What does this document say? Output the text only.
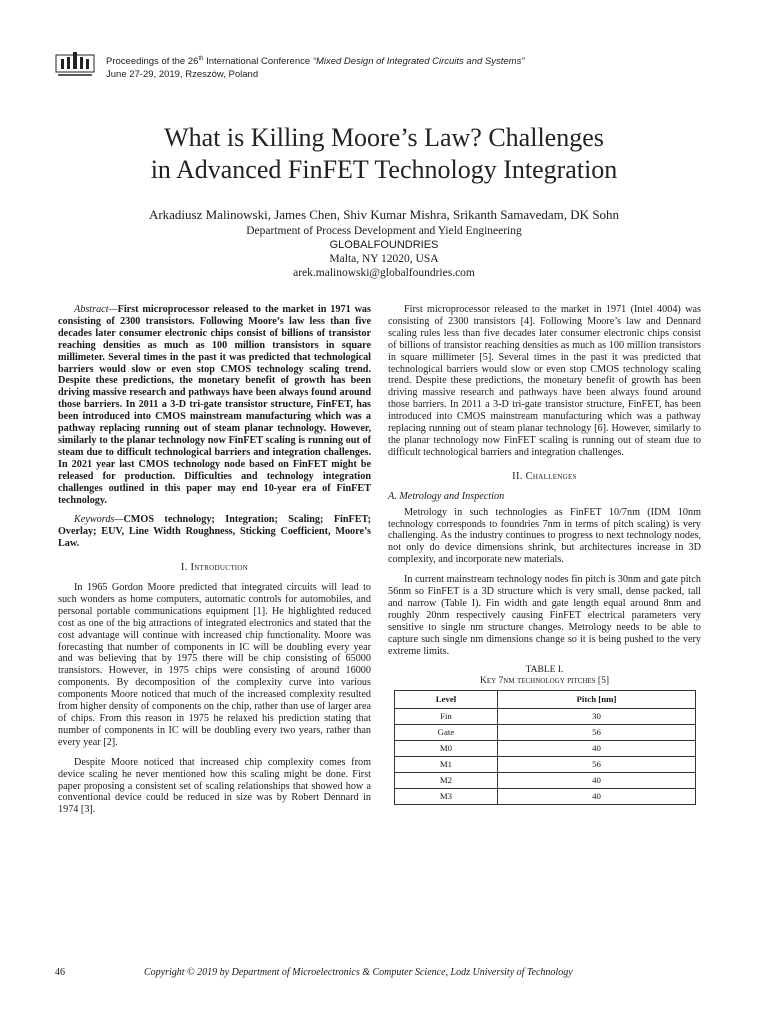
Proceedings of the 26th International Conference “Mixed Design of Integrated Circuits and Systems”
June 27-29, 2019, Rzeszów, Poland
What is Killing Moore’s Law? Challenges
in Advanced FinFET Technology Integration
Arkadiusz Malinowski, James Chen, Shiv Kumar Mishra, Srikanth Samavedam, DK Sohn
Department of Process Development and Yield Engineering
GLOBALFOUNDRIES
Malta, NY 12020, USA
arek.malinowski@globalfoundries.com

Abstract—First microprocessor released to the market in 1971 was consisting of 2300 transistors. Following Moore’s law less than five decades later consumer electronic chips consist of billions of transistor reaching densities as much as 100 million transistors in square millimeter. Several times in the past it was predicted that technological barriers would slow or even stop CMOS technology scaling trend. Despite these predictions, the monetary benefit of growth has been driving massive research and pathways have been always found around those barriers. In 2011 a 3-D tri-gate transistor structure, FinFET, has been introduced into CMOS mainstream manufacturing which was a pathway replacing running out of steam planar technology. However, similarly to the planar technology now FinFET scaling is running out of steam due to difficult technological barriers and integration challenges. In 2021 year last CMOS technology node based on FinFET might be released for production. Difficulties and technology integration challenges outlined in this paper may end 10-year era of FinFET technology.

Keywords—CMOS technology; Integration; Scaling; FinFET; Overlay; EUV, Line Width Roughness, Sticking Coefficient, Moore’s Law.

I. Introduction

In 1965 Gordon Moore predicted that integrated circuits will lead to such wonders as home computers, automatic controls for automobiles, and personal portable communications equipment [1]. He highlighted reduced cost as one of the big attractions of integrated electronics and stated that the cost advantage will continue with increased chip functionality. Moore was forecasting that number of components in IC will be doubling every year and was believing that by 1975 there will be chip consisting of 65000 transistors. However, in 1975 chips were consisting of around 16000 components. By decomposition of the complexity curve into various components Moore noticed that much of the increased complexity resulted from higher density of components on the chip, rather than use of larger area of chips. From this reason in 1975 he relaxed his prediction stating that number of components in IC will be doubling every two years, rather than every year [2].

Despite Moore noticed that increased chip complexity comes from device scaling he never mentioned how this scaling might be done. First paper proposing a consistent set of scaling relationships that showed how a conventional device could be reduced in size was by Robert Dennard in 1974 [3].

First microprocessor released to the market in 1971 (Intel 4004) was consisting of 2300 transistors [4]. Following Moore’s law and Dennard scaling rules less than five decades later consumer electronic chips consist of billions of transistor reaching densities as much as 100 million transistors in square millimeter [5]. Several times in the past it was predicted that technological barriers would slow or even stop CMOS technology scaling trend. Despite these predictions, the monetary benefit of growth has been driving massive research and pathways have been always found around those barriers. In 2011 a 3-D tri-gate transistor structure, FinFET, has been introduced into CMOS mainstream manufacturing which was a pathway replacing running out of steam planar technology [6]. However, similarly to the planar technology now FinFET scaling is running out of steam due to difficult technological barriers and integration challenges.

II. Challenges
A. Metrology and Inspection

Metrology in such technologies as FinFET 10/7nm (IDM 10nm technology corresponds to foundries 7nm in terms of pitch scaling) is very challenging. As the industry continues to progress to next technology nodes, not only do device dimensions shrink, but architectures increase in 3D complexity, and incorporate new materials.

In current mainstream technology nodes fin pitch is 30nm and gate pitch 56nm so FinFET is a 3D structure which is very small, dense packed, tall and narrow (Table I). Fin width and gate length equal around 8nm and roughly 20nm respectively causing FinFET electrical parameters very sensitive to single nm structure changes. Metrology needs to be able to capture such single nm dimensions change so it is being pushed to the very extreme limits.

TABLE I.
Key 7nm technology pitches [5]
Level	Pitch [nm]
Fin	30
Gate	56
M0	40
M1	56
M2	40
M3	40
46	Copyright © 2019 by Department of Microelectronics & Computer Science, Lodz University of Technology
